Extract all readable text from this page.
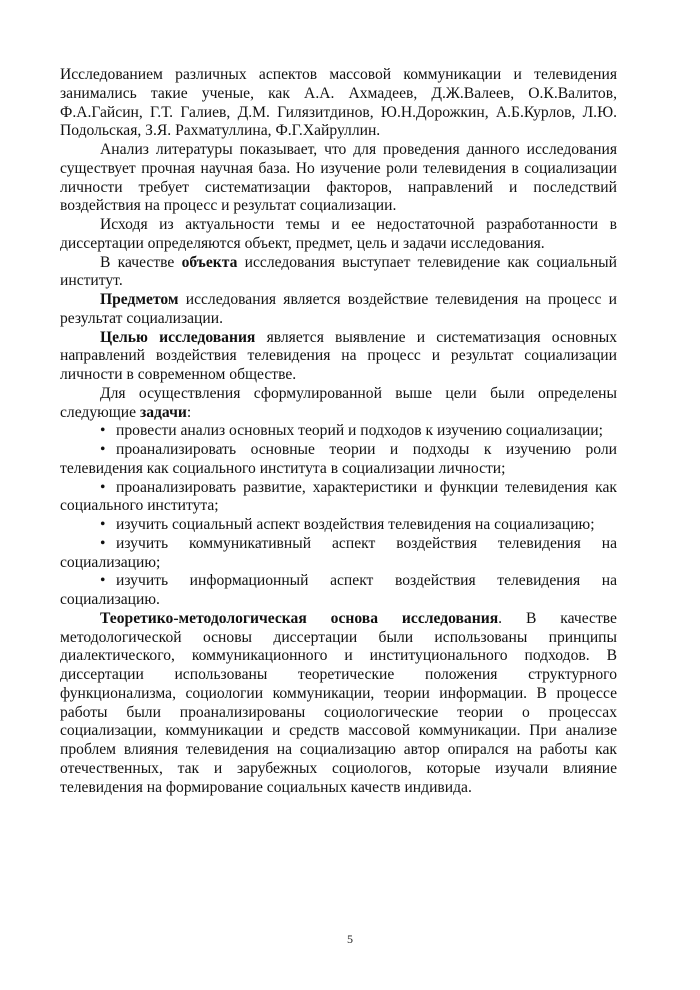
Исследованием различных аспектов массовой коммуникации и телевидения занимались такие ученые, как А.А. Ахмадеев, Д.Ж.Валеев, О.К.Валитов, Ф.А.Гайсин, Г.Т. Галиев, Д.М. Гилязитдинов, Ю.Н.Дорожкин, А.Б.Курлов, Л.Ю. Подольская, З.Я. Рахматуллина, Ф.Г.Хайруллин.

Анализ литературы показывает, что для проведения данного исследования существует прочная научная база. Но изучение роли телевидения в социализации личности требует систематизации факторов, направлений и последствий воздействия на процесс и результат социализации.

Исходя из актуальности темы и ее недостаточной разработанности в диссертации определяются объект, предмет, цель и задачи исследования.

В качестве объекта исследования выступает телевидение как социальный институт.

Предметом исследования является воздействие телевидения на процесс и результат социализации.

Целью исследования является выявление и систематизация основных направлений воздействия телевидения на процесс и результат социализации личности в современном обществе.

Для осуществления сформулированной выше цели были определены следующие задачи:

• провести анализ основных теорий и подходов к изучению социализации;

• проанализировать основные теории и подходы к изучению роли телевидения как социального института в социализации личности;

• проанализировать развитие, характеристики и функции телевидения как социального института;

• изучить социальный аспект воздействия телевидения на социализацию;

• изучить коммуникативный аспект воздействия телевидения на социализацию;

• изучить информационный аспект воздействия телевидения на социализацию.

Теоретико-методологическая основа исследования. В качестве методологической основы диссертации были использованы принципы диалектического, коммуникационного и институционального подходов. В диссертации использованы теоретические положения структурного функционализма, социологии коммуникации, теории информации. В процессе работы были проанализированы социологические теории о процессах социализации, коммуникации и средств массовой коммуникации. При анализе проблем влияния телевидения на социализацию автор опирался на работы как отечественных, так и зарубежных социологов, которые изучали влияние телевидения на формирование социальных качеств индивида.

5
